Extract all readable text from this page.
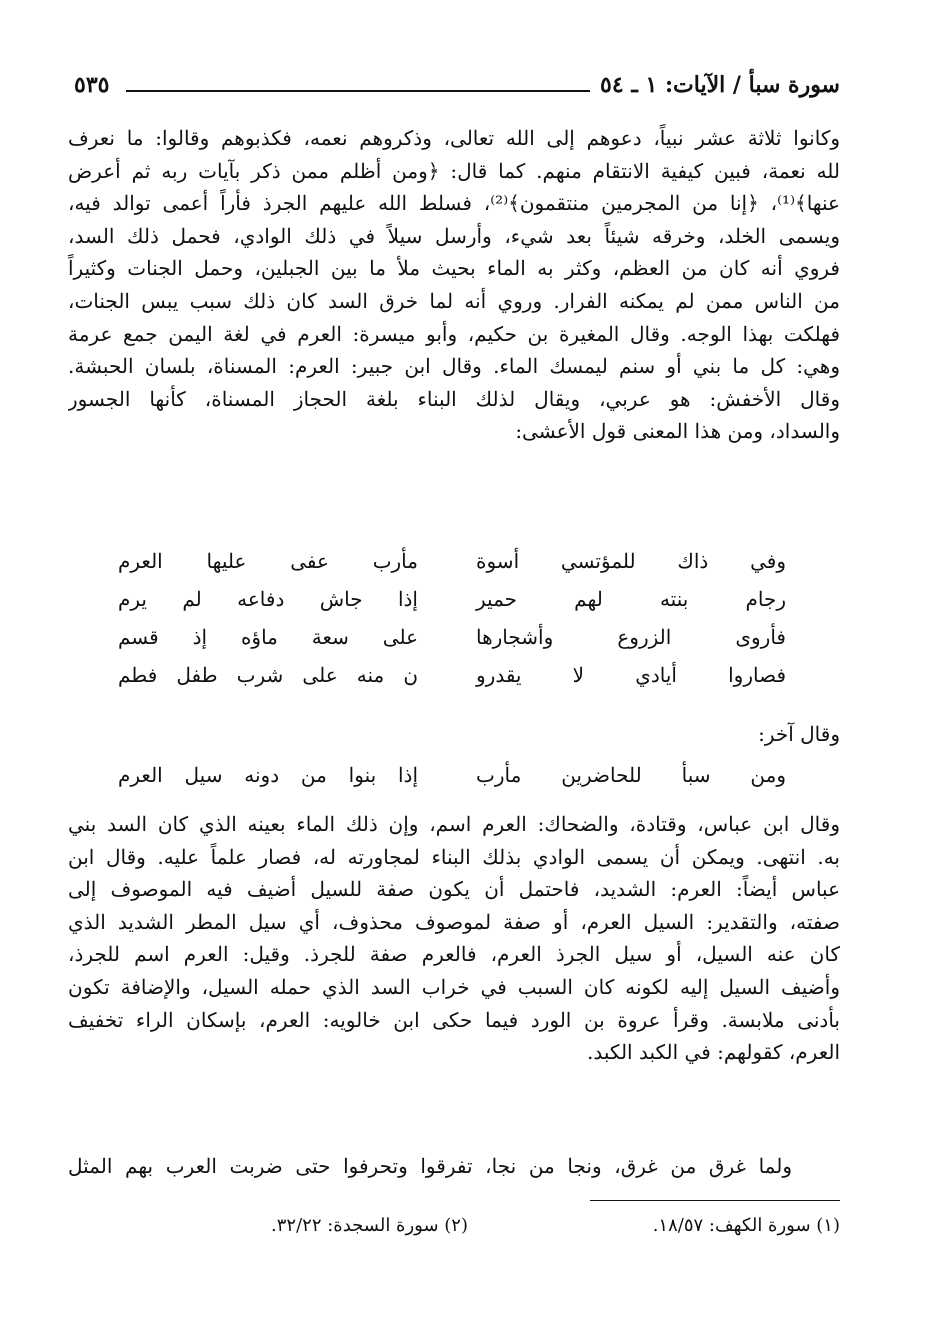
سورة سبأ / الآيات: ١ ـ ٥٤
٥٣٥
وكانوا ثلاثة عشر نبياً، دعوهم إلى الله تعالى، وذكروهم نعمه، فكذبوهم وقالوا: ما نعرف
لله نعمة، فبين كيفية الانتقام منهم. كما قال: ﴿ومن أظلم ممن ذكر بآيات ربه ثم أعرض
عنها﴾⁽¹⁾، ﴿إنا من المجرمين منتقمون﴾⁽²⁾، فسلط الله عليهم الجرذ فأراً أعمى توالد فيه،
ويسمى الخلد، وخرقه شيئاً بعد شيء، وأرسل سيلاً في ذلك الوادي، فحمل ذلك السد،
فروي أنه كان من العظم، وكثر به الماء بحيث ملأ ما بين الجبلين، وحمل الجنات وكثيراً
من الناس ممن لم يمكنه الفرار. وروي أنه لما خرق السد كان ذلك سبب يبس الجنات،
فهلكت بهذا الوجه. وقال المغيرة بن حكيم، وأبو ميسرة: العرم في لغة اليمن جمع عرمة
وهي: كل ما بني أو سنم ليمسك الماء. وقال ابن جبير: العرم: المسناة، بلسان الحبشة.
وقال الأخفش: هو عربي، ويقال لذلك البناء بلغة الحجاز المسناة، كأنها الجسور
والسداد، ومن هذا المعنى قول الأعشى:
وفي ذاك للمؤتسي أسوة
مأرب عفى عليها العرم
رجام بنته لهم حمير
إذا جاش دفاعه لم يرم
فأروى الزروع وأشجارها
على سعة ماؤه إذ قسم
فصاروا أيادي لا يقدرو
ن منه على شرب طفل فطم
وقال آخر:
ومن سبأ للحاضرين مأرب
إذا بنوا من دونه سيل العرم
وقال ابن عباس، وقتادة، والضحاك: العرم اسم، وإن ذلك الماء بعينه الذي كان السد بني
به. انتهى. ويمكن أن يسمى الوادي بذلك البناء لمجاورته له، فصار علماً عليه. وقال ابن
عباس أيضاً: العرم: الشديد، فاحتمل أن يكون صفة للسيل أضيف فيه الموصوف إلى
صفته، والتقدير: السيل العرم، أو صفة لموصوف محذوف، أي سيل المطر الشديد الذي
كان عنه السيل، أو سيل الجرذ العرم، فالعرم صفة للجرذ. وقيل: العرم اسم للجرذ،
وأضيف السيل إليه لكونه كان السبب في خراب السد الذي حمله السيل، والإضافة تكون
بأدنى ملابسة. وقرأ عروة بن الورد فيما حكى ابن خالويه: العرم، بإسكان الراء تخفيف
العرم، كقولهم: في الكبد الكبد.
ولما غرق من غرق، ونجا من نجا، تفرقوا وتحرفوا حتى ضربت العرب بهم المثل
(١) سورة الكهف: ١٨/٥٧.
(٢) سورة السجدة: ٣٢/٢٢.
